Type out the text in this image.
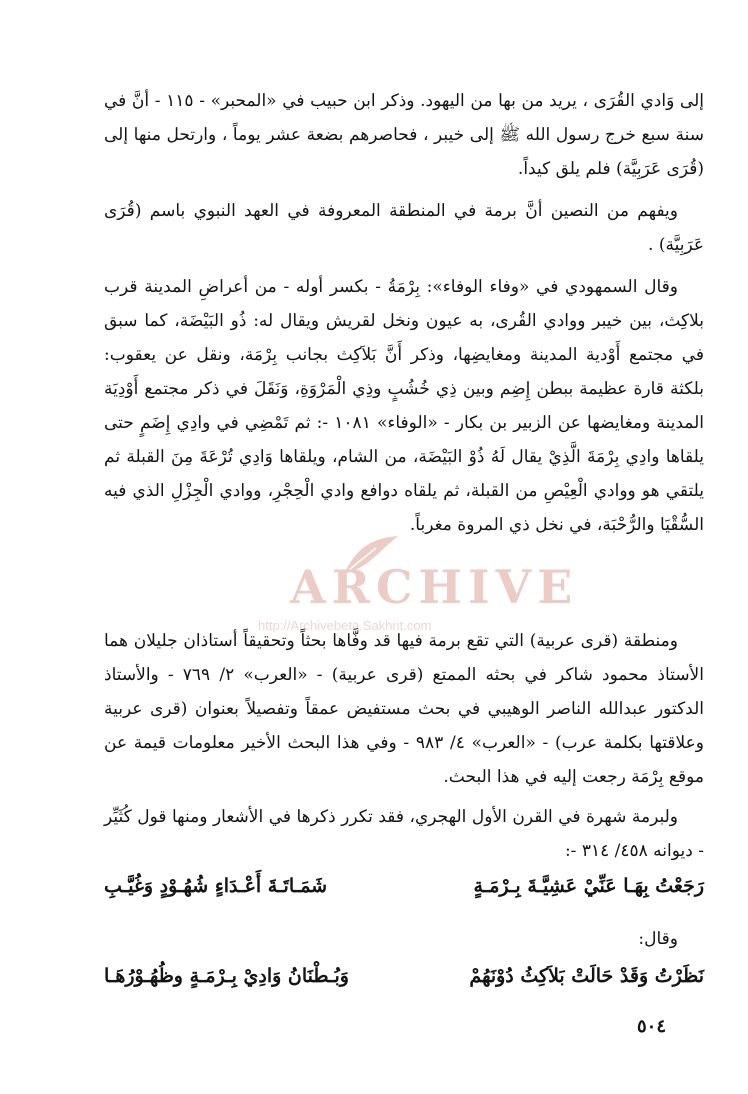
إلى وَادي القُرَى ، يريد من بها من اليهود. وذكر ابن حبيب في «المحبر» - ١١٥ - أنَّ في سنة سبع خرج رسول الله ﷺ إلى خيبر ، فحاصرهم بضعة عشر يوماً ، وارتحل منها إلى (قُرَى عَرَبِيَّة) فلم يلق كيداً.

ويفهم من النصين أنَّ برمة في المنطقة المعروفة في العهد النبوي باسم (قُرَى عَرَبِيَّة) .

وقال السمهودي في «وفاء الوفاء»: بِرْمَةُ - بكسر أوله - من أعراضِ المدينة قرب بلاكِث، بين خيبر ووادي القُرى، به عيون ونخل لقريش ويقال له: ذُو البَيْضَة، كما سبق في مجتمع أَوْدية المدينة ومغايضِها، وذكر أَنَّ بَلاَكِث بجانب بِرْمَة، ونقل عن يعقوب: بلكثة قارة عظيمة ببطن إِضِم وبين ذِي خُشُبٍ وذِي الْمَرْوَةِ، وَنَقَلَ في ذكر مجتمع أَوْدِيَة المدينة ومغايضها عن الزبير بن بكار - «الوفاء» ١٠٨١ -: ثم تَمْضِي في وادِي إِضَمٍ حتى يلقاها وادِي بِرْمَةَ الَّذِيْ يقال لَهُ ذُوْ البَيْضَة، من الشام، ويلقاها وَادِي تُرْعَةَ مِنَ القبلة ثم يلتقي هو ووادي الْعِيْصِ من القبلة، ثم يلقاه دوافع وادي الْحِجْرِ، ووادي الْجِزْلِ الذي فيه السُّقْيَا والرُّحْبَة، في نخل ذي المروة مغرباً.

ومنطقة (قرى عربية) التي تقع برمة فيها قد وفَّاها بحثاً وتحقيقاً أستاذان جليلان هما الأستاذ محمود شاكر في بحثه الممتع (قرى عربية) - «العرب» ٢/ ٧٦٩ - والأستاذ الدكتور عبدالله الناصر الوهيبي في بحث مستفيض عمقاً وتفصيلاً بعنوان (قرى عربية وعلاقتها بكلمة عرب) - «العرب» ٤/ ٩٨٣ - وفي هذا البحث الأخير معلومات قيمة عن موقع بِرْمَة رجعت إليه في هذا البحث.

ولبرمة شهرة في القرن الأول الهجري، فقد تكرر ذكرها في الأشعار ومنها قول كُثَيِّر - ديوانه ٤٥٨/ ٣١٤ -:

رَجَعْتُ بِهَـا عَنِّيْ عَشِيَّـةَ بِـرْمَـةٍ
شَمَـاتَـةَ أَعْـدَاءٍ شُهُـوْدٍ وَغُيَّـبِ
وقال:
نَظَرْتُ وَقَدْ حَالَتْ بَلاَكِثُ دُوْنَهُمْ
وَبُـطْنَانُ وَادِيْ بِـرْمَـةٍ وظُهُـوْرُهَـا
٥٠٤
ARCHIVE
http://Archivebeta.Sakhrit.com
